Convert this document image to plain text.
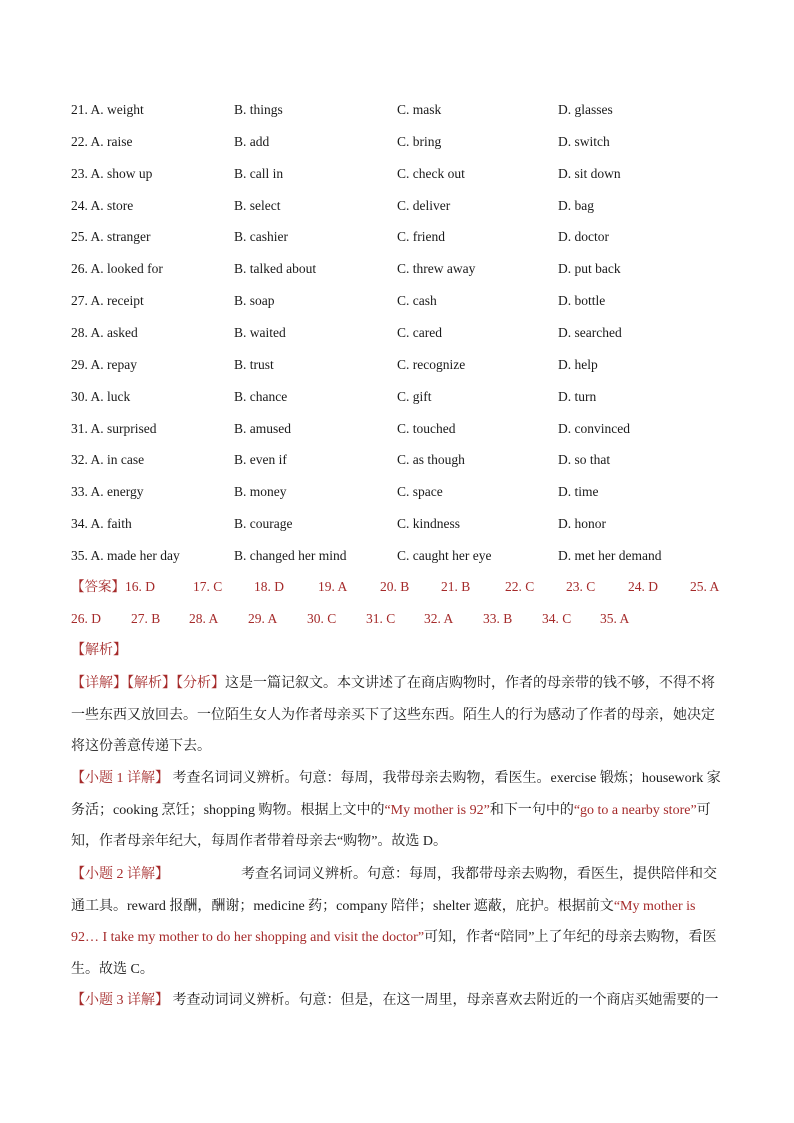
21. A. weight	B. things	C. mask	D. glasses
22. A. raise	B. add	C. bring	D. switch
23. A. show up	B. call in	C. check out	D. sit down
24. A. store	B. select	C. deliver	D. bag
25. A. stranger	B. cashier	C. friend	D. doctor
26. A. looked for	B. talked about	C. threw away	D. put back
27. A. receipt	B. soap	C. cash	D. bottle
28. A. asked	B. waited	C. cared	D. searched
29. A. repay	B. trust	C. recognize	D. help
30. A. luck	B. chance	C. gift	D. turn
31. A. surprised	B. amused	C. touched	D. convinced
32. A. in case	B. even if	C. as though	D. so that
33. A. energy	B. money	C. space	D. time
34. A. faith	B. courage	C. kindness	D. honor
35. A. made her day	B. changed her mind	C. caught her eye	D. met her demand
【答案】16. D	17. C 18. D	19. A 20. B 21. B	22. C 23. C 24. D 25. A
26. D 27. B 28. A 29. A 30. C 31. C 32. A 33. B 34. C 35. A
【解析】
【详解】【解析】【分析】这是一篇记叙文。本文讲述了在商店购物时，作者的母亲带的钱不够，不得不将一些东西又放回去。一位陌生女人为作者母亲买下了这些东西。陌生人的行为感动了作者的母亲，她决定将这份善意传递下去。
【小题 1 详解】 考查名词词义辨析。句意：每周，我带母亲去购物，看医生。exercise 锻炼；housework 家务活；cooking 烹饪；shopping 购物。根据上文中的“My mother is 92”和下一句中的“go to a nearby store”可知，作者母亲年纪大，每周作者带着母亲去“购物”。故选 D。
【小题 2 详解】	考查名词词义辨析。句意：每周，我都带母亲去购物，看医生，提供陪伴和交通工具。reward 报酬，酬谢；medicine 药；company 陪伴；shelter 遮蔽，庇护。根据前文“My mother is 92… I take my mother to do her shopping and visit the doctor”可知，作者“陪同”上了年纪的母亲去购物，看医生。故选 C。
【小题 3 详解】 考查动词词义辨析。句意：但是，在这一周里，母亲喜欢去附近的一个商店买她需要的一
